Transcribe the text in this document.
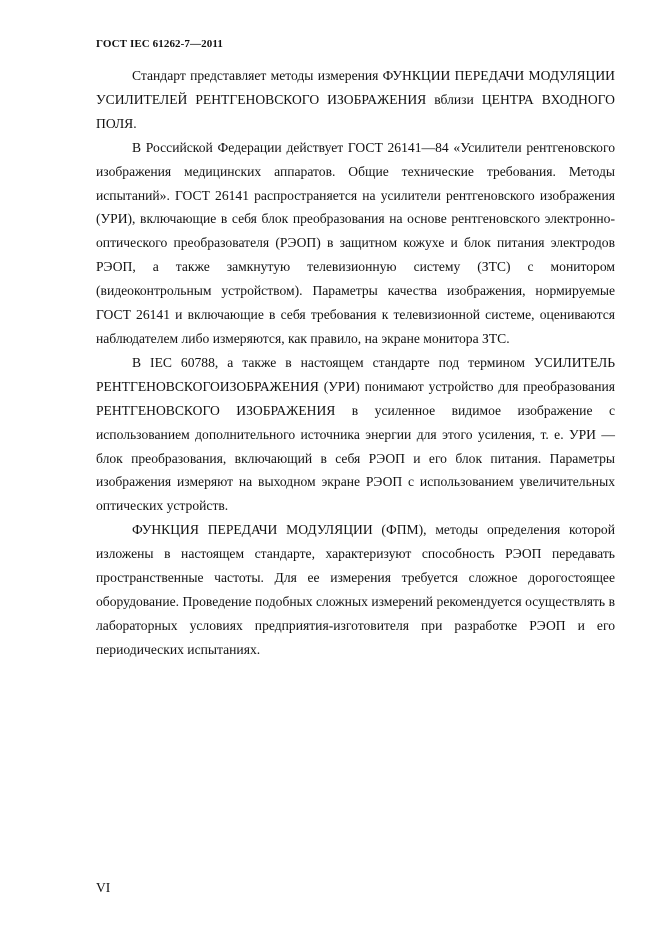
ГОСТ IEC 61262-7—2011

Стандарт представляет методы измерения ФУНКЦИИ ПЕРЕДАЧИ МОДУЛЯЦИИ УСИЛИТЕЛЕЙ РЕНТГЕНОВСКОГО ИЗОБРАЖЕНИЯ вблизи ЦЕНТРА ВХОДНОГО ПОЛЯ.

В Российской Федерации действует ГОСТ 26141—84 «Усилители рентгеновского изображения медицинских аппаратов. Общие технические требования. Методы испытаний». ГОСТ 26141 распространяется на усилители рентгеновского изображения (УРИ), включающие в себя блок преобразования на основе рентгеновского электронно-оптического преобразователя (РЭОП) в защитном кожухе и блок питания электродов РЭОП, а также замкнутую телевизионную систему (ЗТС) с монитором (видеоконтрольным устройством). Параметры качества изображения, нормируемые ГОСТ 26141 и включающие в себя требования к телевизионной системе, оцениваются наблюдателем либо измеряются, как правило, на экране монитора ЗТС.

В IEC 60788, а также в настоящем стандарте под термином УСИЛИТЕЛЬ РЕНТГЕНОВСКОГОИЗОБРАЖЕНИЯ (УРИ) понимают устройство для преобразования РЕНТГЕНОВСКОГО ИЗОБРАЖЕНИЯ в усиленное видимое изображение с использованием дополнительного источника энергии для этого усиления, т. е. УРИ — блок преобразования, включающий в себя РЭОП и его блок питания. Параметры изображения измеряют на выходном экране РЭОП с использованием увеличительных оптических устройств.

ФУНКЦИЯ ПЕРЕДАЧИ МОДУЛЯЦИИ (ФПМ), методы определения которой изложены в настоящем стандарте, характеризуют способность РЭОП передавать пространственные частоты. Для ее измерения требуется сложное дорогостоящее оборудование. Проведение подобных сложных измерений рекомендуется осуществлять в лабораторных условиях предприятия-изготовителя при разработке РЭОП и его периодических испытаниях.

VI
